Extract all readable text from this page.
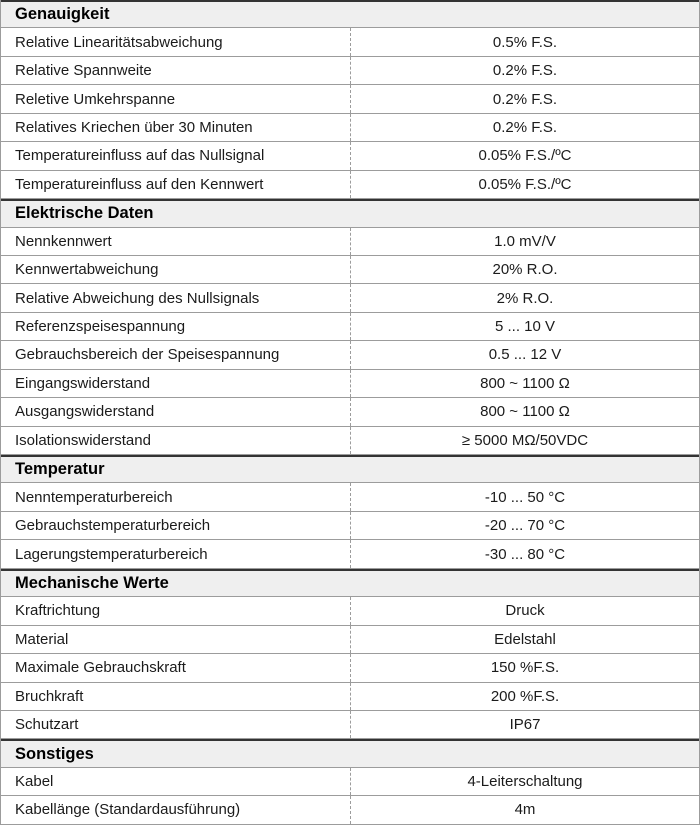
Genauigkeit
Relative Linearitätsabweichung	0.5% F.S.
Relative Spannweite	0.2% F.S.
Reletive Umkehrspanne	0.2% F.S.
Relatives Kriechen über 30 Minuten	0.2% F.S.
Temperatureinfluss auf das Nullsignal	0.05% F.S./ºC
Temperatureinfluss auf den Kennwert	0.05% F.S./ºC
Elektrische Daten
Nennkennwert	1.0 mV/V
Kennwertabweichung	20% R.O.
Relative Abweichung des Nullsignals	2% R.O.
Referenzspeisespannung	5 ... 10 V
Gebrauchsbereich der Speisespannung	0.5 ... 12 V
Eingangswiderstand	800 ~ 1100 Ω
Ausgangswiderstand	800 ~ 1100 Ω
Isolationswiderstand	≥ 5000 MΩ/50VDC
Temperatur
Nenntemperaturbereich	-10 ... 50 °C
Gebrauchstemperaturbereich	-20 ... 70 °C
Lagerungstemperaturbereich	-30 ... 80 °C
Mechanische Werte
Kraftrichtung	Druck
Material	Edelstahl
Maximale Gebrauchskraft	150 %F.S.
Bruchkraft	200 %F.S.
Schutzart	IP67
Sonstiges
Kabel	4-Leiterschaltung
Kabellänge (Standardausführung)	4m
